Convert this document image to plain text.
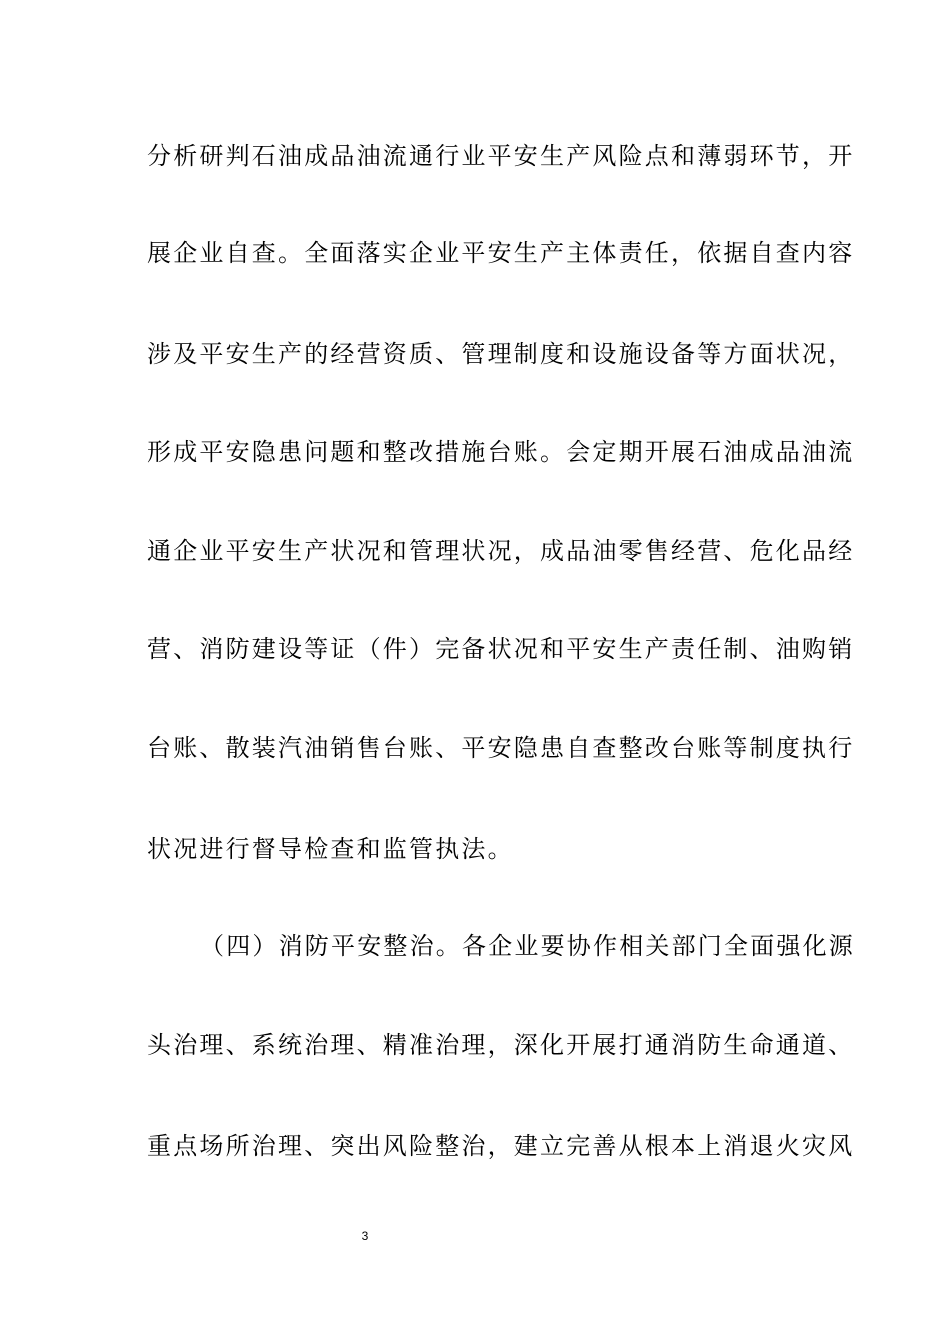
分析研判石油成品油流通行业平安生产风险点和薄弱环节，开
展企业自查。全面落实企业平安生产主体责任，依据自查内容
涉及平安生产的经营资质、管理制度和设施设备等方面状况，
形成平安隐患问题和整改措施台账。会定期开展石油成品油流
通企业平安生产状况和管理状况，成品油零售经营、危化品经
营、消防建设等证（件）完备状况和平安生产责任制、油购销
台账、散装汽油销售台账、平安隐患自查整改台账等制度执行
状况进行督导检查和监管执法。
（四）消防平安整治。各企业要协作相关部门全面强化源
头治理、系统治理、精准治理，深化开展打通消防生命通道、
重点场所治理、突出风险整治，建立完善从根本上消退火灾风
3
